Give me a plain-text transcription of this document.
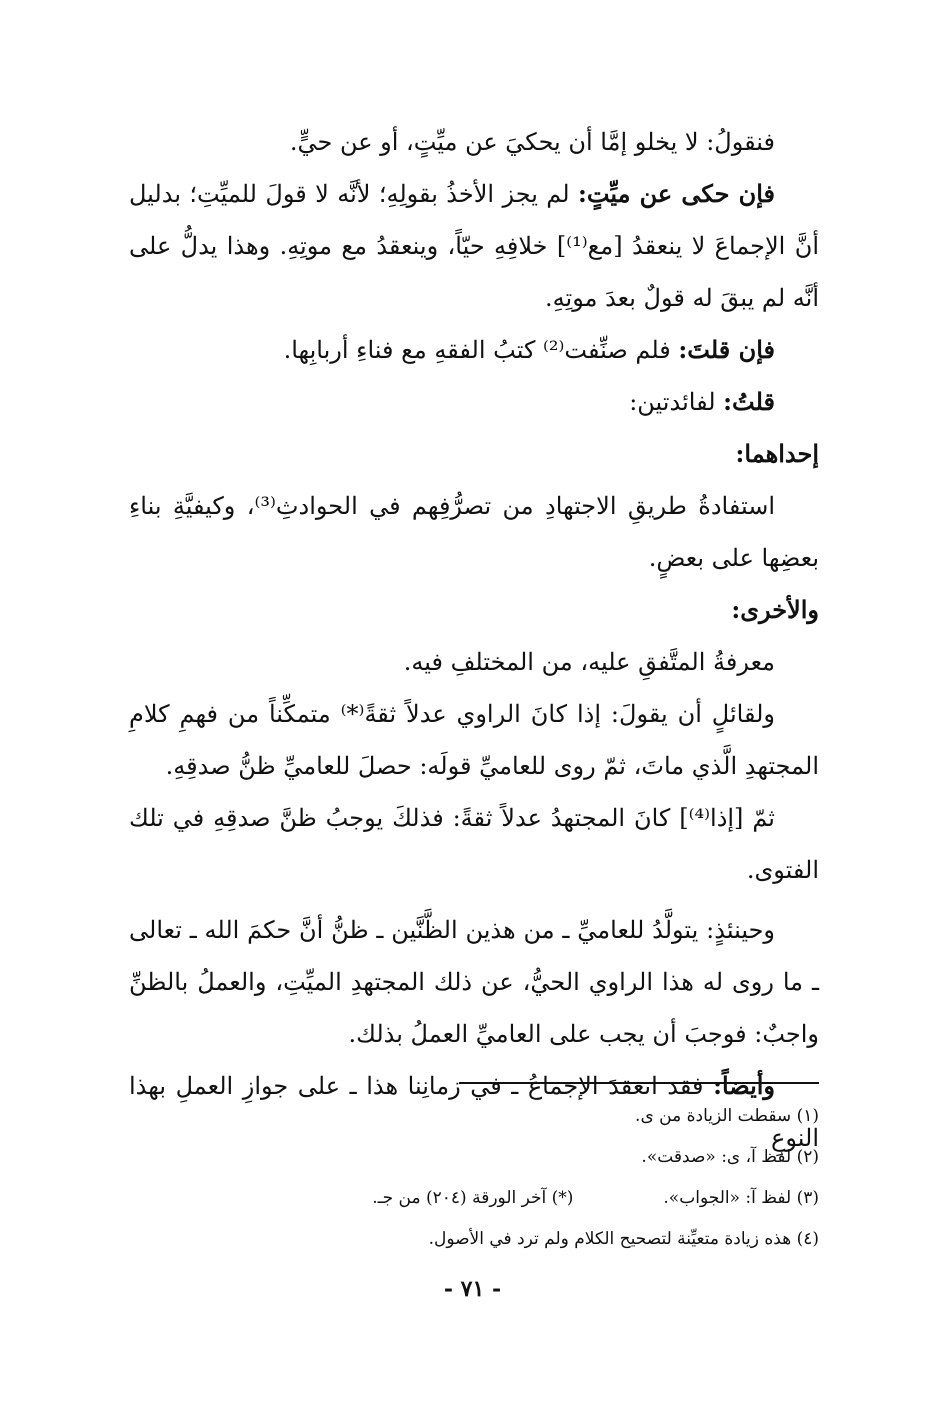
فنقولُ: لا يخلو إمَّا أن يحكيَ عن ميِّتٍ، أو عن حيٍّ.

فإن حكى عن ميِّتٍ: لم يجز الأخذُ بقولِهِ؛ لأنَّه لا قولَ للميِّتِ؛ بدليل أنَّ الإجماعَ لا ينعقدُ [مع⁽¹⁾] خلافِهِ حيّاً، وينعقدُ مع موتِهِ. وهذا يدلُّ على أنَّه لم يبقَ له قولٌ بعدَ موتِهِ.

فإن قلتَ: فلم صنِّفت⁽²⁾ كتبُ الفقهِ مع فناءِ أربابِها.

قلتُ: لفائدتين:

إحداهما:

استفادةُ طريقِ الاجتهادِ من تصرُّفِهم في الحوادثِ⁽³⁾، وكيفيَّةِ بناءِ بعضِها على بعضٍ.

والأخرى:

معرفةُ المتَّفقِ عليه، من المختلفِ فيه.

ولقائلٍ أن يقولَ: إذا كانَ الراوي عدلاً ثقةً⁽*⁾ متمكِّناً من فهمِ كلامِ المجتهدِ الَّذي ماتَ، ثمّ روى للعاميِّ قولَه: حصلَ للعاميِّ ظنُّ صدقِهِ.

ثمّ [إذا⁽⁴⁾] كانَ المجتهدُ عدلاً ثقةً: فذلكَ يوجبُ ظنَّ صدقِهِ في تلك الفتوى.

وحينئذٍ: يتولَّدُ للعاميِّ ـ من هذين الظَّنَّين ـ ظنُّ أنَّ حكمَ الله ـ تعالى ـ ما روى له هذا الراوي الحيُّ، عن ذلك المجتهدِ الميِّتِ، والعملُ بالظنِّ واجبٌ: فوجبَ أن يجب على العاميِّ العملُ بذلك.

وأيضاً: فقد انعقدَ الإجماعُ ـ في زمانِنا هذا ـ على جوازِ العملِ بهذا النوعِ

(١) سقطت الزيادة من ى.

(٢) لفظ آ، ى: «صدقت».

(٣) لفظ آ: «الجواب».

(*) آخر الورقة (٢٠٤) من جـ.

(٤) هذه زيادة متعيِّنة لتصحيح الكلام ولم ترد في الأصول.

- ٧١ -
